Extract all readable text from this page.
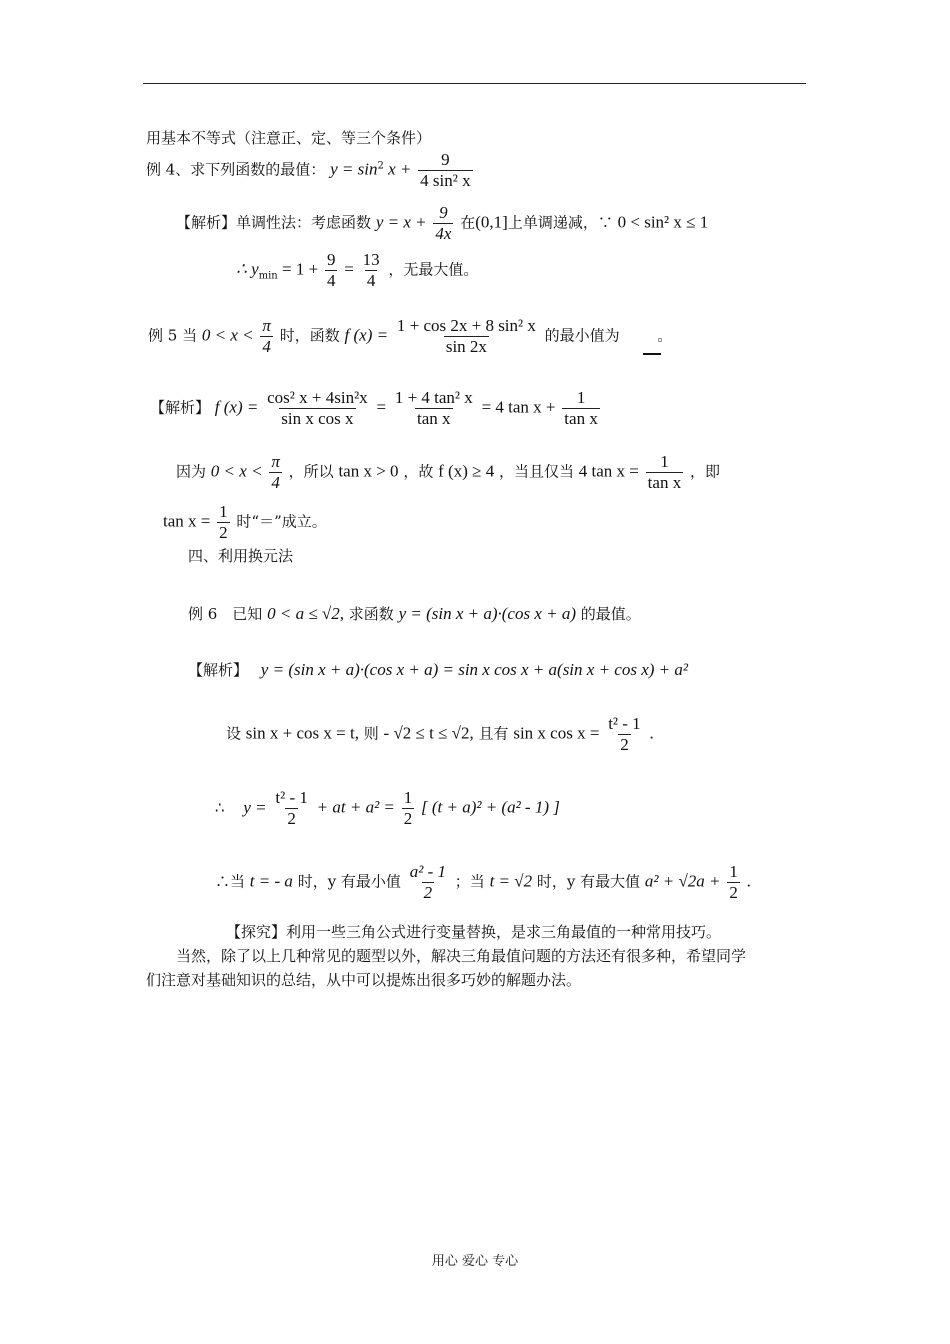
用基本不等式（注意正、定、等三个条件）
例 4、求下列函数的最值： $y = \sin^2 x + \frac{9}{\text{4 sin² x}}$
【解析】单调性法：考虑函数 $y = x + \frac{9}{4x}$ 在(0,1]上单调递减，∵ 0 < sin² x ≤ 1
∴ $y_{min} = 1 + \frac{9}{4} = \frac{13}{4}$ ，无最大值。
例 5 当 $0 < x < \frac{\pi}{4}$ 时，函数 f $(x) = \frac{\text{1 + cos 2x + 8 sin² x}}{\sin 2x}$ 的最小值为	。
【解析】 f $(x) = \frac{\text{cos² x + 4sin²x}}{\text{sin x cos x}} = \frac{\text{1 + 4 tan² x}}{\text{tan x}} = 4$ $\tan x + \frac{1}{\text{tan x}}$
因为 $0 < x < \frac{\pi}{4}$ ，所以 tan x > 0 ，故 f (x) ≥ 4 ，当且仅当 4 $\tan x = \frac{1}{\text{tan x}}$ ，即
$\tan x = \frac{1}{2}$ 时“＝”成立。
四、利用换元法
例 6　已知 0 < a ≤ √2, 求函数 y = (sin x + a)·(cos x + a) 的最值。
【解析】 y = (sin x + a)·(cos x + a) = sin x cos x + a(sin x + cos x) + a²
设 sin x + cos x = t, 则 - √2 ≤ t ≤ √2, 且有 sin x $\cos x = \frac{\text{t² - 1}}{2}$ .
∴ $y = \frac{\text{t² - 1}}{2}$ + at + $a^2 = \frac{1}{2}$ [ (t + a)² + (a² - 1) ]
∴当 t = - a 时，y 有最小值 $\frac{\text{a² - 1}}{2}$ ；当 t = √2 时，y 有最大值 $a^2 + √2a + \frac{1}{2}$ .
【探究】利用一些三角公式进行变量替换，是求三角最值的一种常用技巧。
当然，除了以上几种常见的题型以外，解决三角最值问题的方法还有很多种，希望同学
们注意对基础知识的总结，从中可以提炼出很多巧妙的解题办法。
用心 爱心 专心
